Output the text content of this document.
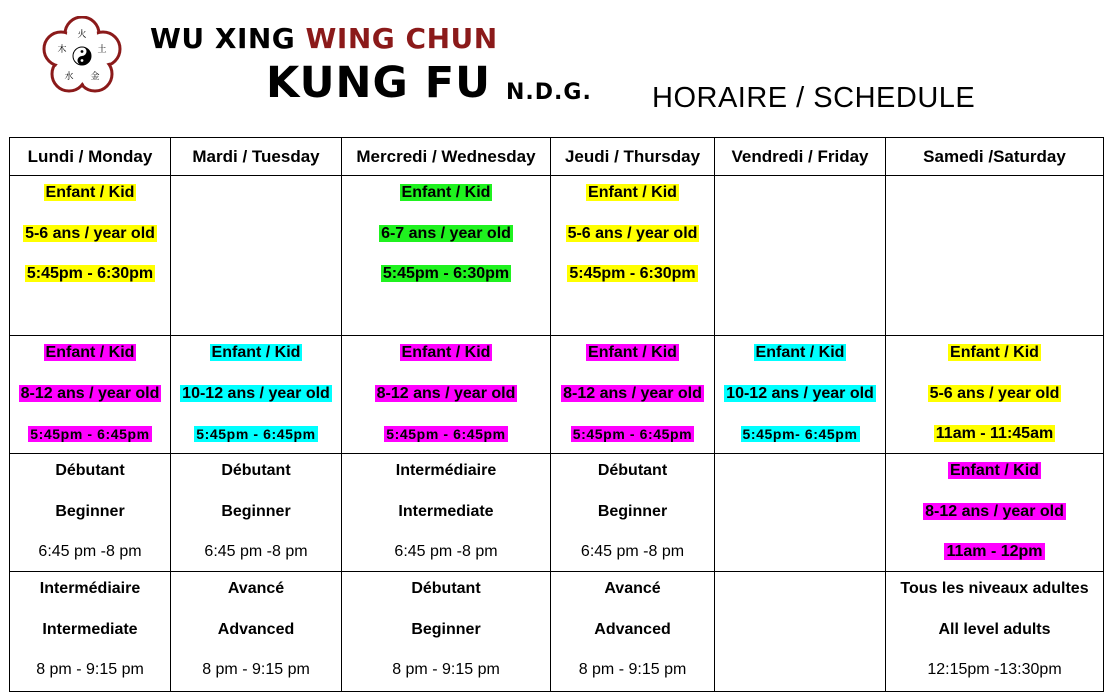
火
土
金
水
木	WU XING WING CHUN
KUNG FU N.D.G. HORAIRE / SCHEDULE
Lundi / Monday	Mardi / Tuesday	Mercredi / Wednesday	Jeudi / Thursday	Vendredi / Friday	Samedi /Saturday

Enfant / Kid
5-6 ans / year old
5:45pm - 6:30pm		Enfant / Kid
6-7 ans / year old
5:45pm - 6:30pm	Enfant / Kid
5-6 ans / year old
5:45pm - 6:30pm		

Enfant / Kid
8-12 ans / year old
5:45pm - 6:45pm	Enfant / Kid
10-12 ans / year old
5:45pm - 6:45pm	Enfant / Kid
8-12 ans / year old
5:45pm - 6:45pm	Enfant / Kid
8-12 ans / year old
5:45pm - 6:45pm	Enfant / Kid
10-12 ans / year old
5:45pm- 6:45pm	Enfant / Kid
5-6 ans / year old
11am - 11:45am

Débutant
Beginner
6:45 pm -8 pm	Débutant
Beginner
6:45 pm -8 pm	Intermédiaire
Intermediate
6:45 pm -8 pm	Débutant
Beginner
6:45 pm -8 pm		Enfant / Kid
8-12 ans / year old
11am - 12pm

Intermédiaire
Intermediate
8 pm - 9:15 pm	Avancé
Advanced
8 pm - 9:15 pm	Débutant
Beginner
8 pm - 9:15 pm	Avancé
Advanced
8 pm - 9:15 pm		Tous les niveaux adultes
All level adults
12:15pm -13:30pm
